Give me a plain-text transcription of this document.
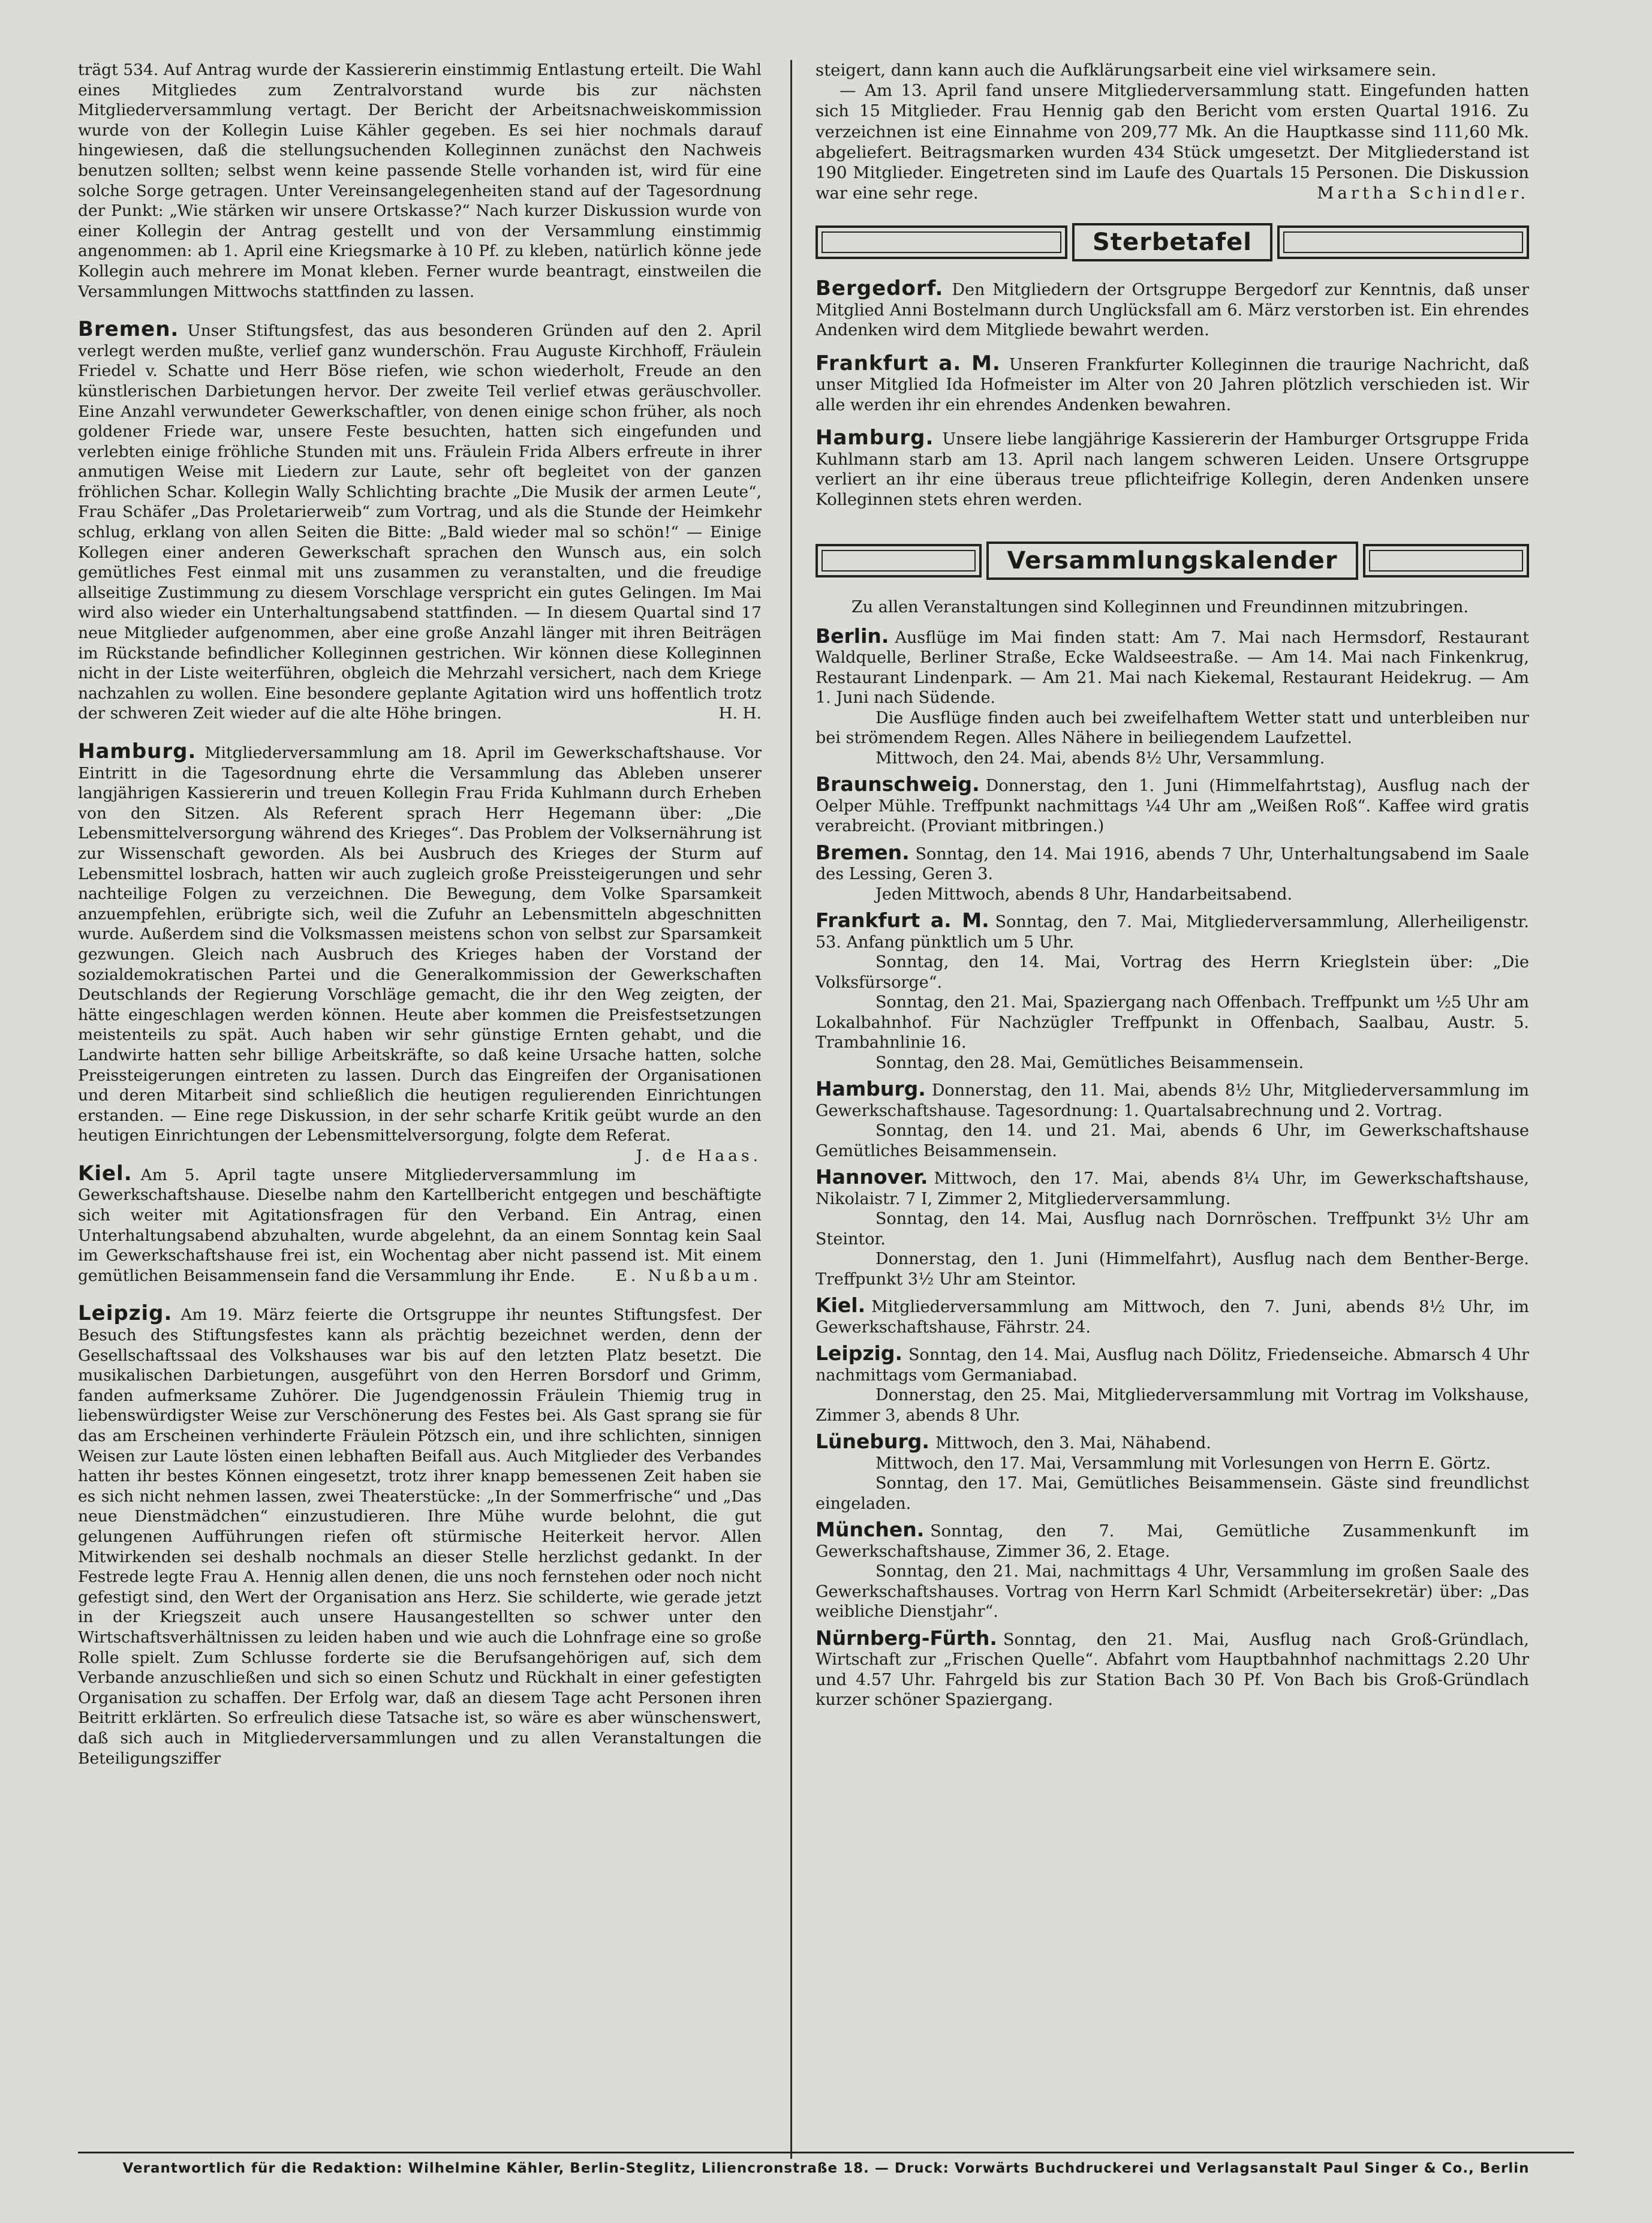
trägt 534. Auf Antrag wurde der Kassiererin einstimmig Entlastung erteilt. Die Wahl eines Mitgliedes zum Zentralvorstand wurde bis zur nächsten Mitgliederversammlung vertagt. Der Bericht der Arbeitsnachweiskommission wurde von der Kollegin Luise Kähler gegeben. Es sei hier nochmals darauf hingewiesen, daß die stellungsuchenden Kolleginnen zunächst den Nachweis benutzen sollten; selbst wenn keine passende Stelle vorhanden ist, wird für eine solche Sorge getragen. Unter Vereinsangelegenheiten stand auf der Tagesordnung der Punkt: „Wie stärken wir unsere Ortskasse?“ Nach kurzer Diskussion wurde von einer Kollegin der Antrag gestellt und von der Versammlung einstimmig angenommen: ab 1. April eine Kriegsmarke à 10 Pf. zu kleben, natürlich könne jede Kollegin auch mehrere im Monat kleben. Ferner wurde beantragt, einstweilen die Versammlungen Mittwochs stattfinden zu lassen.

Bremen. Unser Stiftungsfest, das aus besonderen Gründen auf den 2. April verlegt werden mußte, verlief ganz wunderschön. Frau Auguste Kirchhoff, Fräulein Friedel v. Schatte und Herr Böse riefen, wie schon wiederholt, Freude an den künstlerischen Darbietungen hervor. Der zweite Teil verlief etwas geräuschvoller. Eine Anzahl verwundeter Gewerkschaftler, von denen einige schon früher, als noch goldener Friede war, unsere Feste besuchten, hatten sich eingefunden und verlebten einige fröhliche Stunden mit uns. Fräulein Frida Albers erfreute in ihrer anmutigen Weise mit Liedern zur Laute, sehr oft begleitet von der ganzen fröhlichen Schar. Kollegin Wally Schlichting brachte „Die Musik der armen Leute“, Frau Schäfer „Das Proletarierweib“ zum Vortrag, und als die Stunde der Heimkehr schlug, erklang von allen Seiten die Bitte: „Bald wieder mal so schön!“ — Einige Kollegen einer anderen Gewerkschaft sprachen den Wunsch aus, ein solch gemütliches Fest einmal mit uns zusammen zu veranstalten, und die freudige allseitige Zustimmung zu diesem Vorschlage verspricht ein gutes Gelingen. Im Mai wird also wieder ein Unterhaltungsabend stattfinden. — In diesem Quartal sind 17 neue Mitglieder aufgenommen, aber eine große Anzahl länger mit ihren Beiträgen im Rückstande befindlicher Kolleginnen gestrichen. Wir können diese Kolleginnen nicht in der Liste weiterführen, obgleich die Mehrzahl versichert, nach dem Kriege nachzahlen zu wollen. Eine besondere geplante Agitation wird uns hoffentlich trotz der schweren Zeit wieder auf die alte Höhe bringen.	H. H.

Hamburg. Mitgliederversammlung am 18. April im Gewerkschaftshause. Vor Eintritt in die Tagesordnung ehrte die Versammlung das Ableben unserer langjährigen Kassiererin und treuen Kollegin Frau Frida Kuhlmann durch Erheben von den Sitzen. Als Referent sprach Herr Hegemann über: „Die Lebensmittelversorgung während des Krieges“. Das Problem der Volksernährung ist zur Wissenschaft geworden. Als bei Ausbruch des Krieges der Sturm auf Lebensmittel losbrach, hatten wir auch zugleich große Preissteigerungen und sehr nachteilige Folgen zu verzeichnen. Die Bewegung, dem Volke Sparsamkeit anzuempfehlen, erübrigte sich, weil die Zufuhr an Lebensmitteln abgeschnitten wurde. Außerdem sind die Volksmassen meistens schon von selbst zur Sparsamkeit gezwungen. Gleich nach Ausbruch des Krieges haben der Vorstand der sozialdemokratischen Partei und die Generalkommission der Gewerkschaften Deutschlands der Regierung Vorschläge gemacht, die ihr den Weg zeigten, der hätte eingeschlagen werden können. Heute aber kommen die Preisfestsetzungen meistenteils zu spät. Auch haben wir sehr günstige Ernten gehabt, und die Landwirte hatten sehr billige Arbeitskräfte, so daß keine Ursache hatten, solche Preissteigerungen eintreten zu lassen. Durch das Eingreifen der Organisationen und deren Mitarbeit sind schließlich die heutigen regulierenden Einrichtungen erstanden. — Eine rege Diskussion, in der sehr scharfe Kritik geübt wurde an den heutigen Einrichtungen der Lebensmittelversorgung, folgte dem Referat.
J. de Haas.

Kiel. Am 5. April tagte unsere Mitgliederversammlung im Gewerkschaftshause. Dieselbe nahm den Kartellbericht entgegen und beschäftigte sich weiter mit Agitationsfragen für den Verband. Ein Antrag, einen Unterhaltungsabend abzuhalten, wurde abgelehnt, da an einem Sonntag kein Saal im Gewerkschaftshause frei ist, ein Wochentag aber nicht passend ist. Mit einem gemütlichen Beisammensein fand die Versammlung ihr Ende.	E. Nußbaum.

Leipzig. Am 19. März feierte die Ortsgruppe ihr neuntes Stiftungsfest. Der Besuch des Stiftungsfestes kann als prächtig bezeichnet werden, denn der Gesellschaftssaal des Volkshauses war bis auf den letzten Platz besetzt. Die musikalischen Darbietungen, ausgeführt von den Herren Borsdorf und Grimm, fanden aufmerksame Zuhörer. Die Jugendgenossin Fräulein Thiemig trug in liebenswürdigster Weise zur Verschönerung des Festes bei. Als Gast sprang sie für das am Erscheinen verhinderte Fräulein Pötzsch ein, und ihre schlichten, sinnigen Weisen zur Laute lösten einen lebhaften Beifall aus. Auch Mitglieder des Verbandes hatten ihr bestes Können eingesetzt, trotz ihrer knapp bemessenen Zeit haben sie es sich nicht nehmen lassen, zwei Theaterstücke: „In der Sommerfrische“ und „Das neue Dienstmädchen“ einzustudieren. Ihre Mühe wurde belohnt, die gut gelungenen Aufführungen riefen oft stürmische Heiterkeit hervor. Allen Mitwirkenden sei deshalb nochmals an dieser Stelle herzlichst gedankt. In der Festrede legte Frau A. Hennig allen denen, die uns noch fernstehen oder noch nicht gefestigt sind, den Wert der Organisation ans Herz. Sie schilderte, wie gerade jetzt in der Kriegszeit auch unsere Hausangestellten so schwer unter den Wirtschaftsverhältnissen zu leiden haben und wie auch die Lohnfrage eine so große Rolle spielt. Zum Schlusse forderte sie die Berufsangehörigen auf, sich dem Verbande anzuschließen und sich so einen Schutz und Rückhalt in einer gefestigten Organisation zu schaffen. Der Erfolg war, daß an diesem Tage acht Personen ihren Beitritt erklärten. So erfreulich diese Tatsache ist, so wäre es aber wünschenswert, daß sich auch in Mitgliederversammlungen und zu allen Veranstaltungen die Beteiligungsziffer

steigert, dann kann auch die Aufklärungsarbeit eine viel wirksamere sein.

— Am 13. April fand unsere Mitgliederversammlung statt. Eingefunden hatten sich 15 Mitglieder. Frau Hennig gab den Bericht vom ersten Quartal 1916. Zu verzeichnen ist eine Einnahme von 209,77 Mk. An die Hauptkasse sind 111,60 Mk. abgeliefert. Beitragsmarken wurden 434 Stück umgesetzt. Der Mitgliederstand ist 190 Mitglieder. Eingetreten sind im Laufe des Quartals 15 Personen. Die Diskussion war eine sehr rege.	Martha Schindler.

Sterbetafel

Bergedorf. Den Mitgliedern der Ortsgruppe Bergedorf zur Kenntnis, daß unser Mitglied Anni Bostelmann durch Unglücksfall am 6. März verstorben ist. Ein ehrendes Andenken wird dem Mitgliede bewahrt werden.

Frankfurt a. M. Unseren Frankfurter Kolleginnen die traurige Nachricht, daß unser Mitglied Ida Hofmeister im Alter von 20 Jahren plötzlich verschieden ist. Wir alle werden ihr ein ehrendes Andenken bewahren.

Hamburg. Unsere liebe langjährige Kassiererin der Hamburger Ortsgruppe Frida Kuhlmann starb am 13. April nach langem schweren Leiden. Unsere Ortsgruppe verliert an ihr eine überaus treue pflichteifrige Kollegin, deren Andenken unsere Kolleginnen stets ehren werden.

Versammlungskalender

Zu allen Veranstaltungen sind Kolleginnen und Freundinnen mitzubringen.

Berlin. Ausflüge im Mai finden statt: Am 7. Mai nach Hermsdorf, Restaurant Waldquelle, Berliner Straße, Ecke Waldseestraße. — Am 14. Mai nach Finkenkrug, Restaurant Lindenpark. — Am 21. Mai nach Kiekemal, Restaurant Heidekrug. — Am 1. Juni nach Südende.

Die Ausflüge finden auch bei zweifelhaftem Wetter statt und unterbleiben nur bei strömendem Regen. Alles Nähere in beiliegendem Laufzettel.

Mittwoch, den 24. Mai, abends 8½ Uhr, Versammlung.

Braunschweig. Donnerstag, den 1. Juni (Himmelfahrtstag), Ausflug nach der Oelper Mühle. Treffpunkt nachmittags ¼4 Uhr am „Weißen Roß“. Kaffee wird gratis verabreicht. (Proviant mitbringen.)

Bremen. Sonntag, den 14. Mai 1916, abends 7 Uhr, Unterhaltungsabend im Saale des Lessing, Geren 3.

Jeden Mittwoch, abends 8 Uhr, Handarbeitsabend.

Frankfurt a. M. Sonntag, den 7. Mai, Mitgliederversammlung, Allerheiligenstr. 53. Anfang pünktlich um 5 Uhr.

Sonntag, den 14. Mai, Vortrag des Herrn Krieglstein über: „Die Volksfürsorge“.

Sonntag, den 21. Mai, Spaziergang nach Offenbach. Treffpunkt um ½5 Uhr am Lokalbahnhof. Für Nachzügler Treffpunkt in Offenbach, Saalbau, Austr. 5. Trambahnlinie 16.

Sonntag, den 28. Mai, Gemütliches Beisammensein.

Hamburg. Donnerstag, den 11. Mai, abends 8½ Uhr, Mitgliederversammlung im Gewerkschaftshause. Tagesordnung: 1. Quartalsabrechnung und 2. Vortrag.

Sonntag, den 14. und 21. Mai, abends 6 Uhr, im Gewerkschaftshause Gemütliches Beisammensein.

Hannover. Mittwoch, den 17. Mai, abends 8¼ Uhr, im Gewerkschaftshause, Nikolaistr. 7 I, Zimmer 2, Mitgliederversammlung.

Sonntag, den 14. Mai, Ausflug nach Dornröschen. Treffpunkt 3½ Uhr am Steintor.

Donnerstag, den 1. Juni (Himmelfahrt), Ausflug nach dem Benther-Berge. Treffpunkt 3½ Uhr am Steintor.

Kiel. Mitgliederversammlung am Mittwoch, den 7. Juni, abends 8½ Uhr, im Gewerkschaftshause, Fährstr. 24.

Leipzig. Sonntag, den 14. Mai, Ausflug nach Dölitz, Friedenseiche. Abmarsch 4 Uhr nachmittags vom Germaniabad.

Donnerstag, den 25. Mai, Mitgliederversammlung mit Vortrag im Volkshause, Zimmer 3, abends 8 Uhr.

Lüneburg. Mittwoch, den 3. Mai, Nähabend.

Mittwoch, den 17. Mai, Versammlung mit Vorlesungen von Herrn E. Görtz.

Sonntag, den 17. Mai, Gemütliches Beisammensein. Gäste sind freundlichst eingeladen.

München. Sonntag, den 7. Mai, Gemütliche Zusammenkunft im Gewerkschaftshause, Zimmer 36, 2. Etage.

Sonntag, den 21. Mai, nachmittags 4 Uhr, Versammlung im großen Saale des Gewerkschaftshauses. Vortrag von Herrn Karl Schmidt (Arbeitersekretär) über: „Das weibliche Dienstjahr“.

Nürnberg-Fürth. Sonntag, den 21. Mai, Ausflug nach Groß-Gründlach, Wirtschaft zur „Frischen Quelle“. Abfahrt vom Hauptbahnhof nachmittags 2.20 Uhr und 4.57 Uhr. Fahrgeld bis zur Station Bach 30 Pf. Von Bach bis Groß-Gründlach kurzer schöner Spaziergang.

Verantwortlich für die Redaktion: Wilhelmine Kähler, Berlin-Steglitz, Liliencronstraße 18. — Druck: Vorwärts Buchdruckerei und Verlagsanstalt Paul Singer & Co., Berlin
